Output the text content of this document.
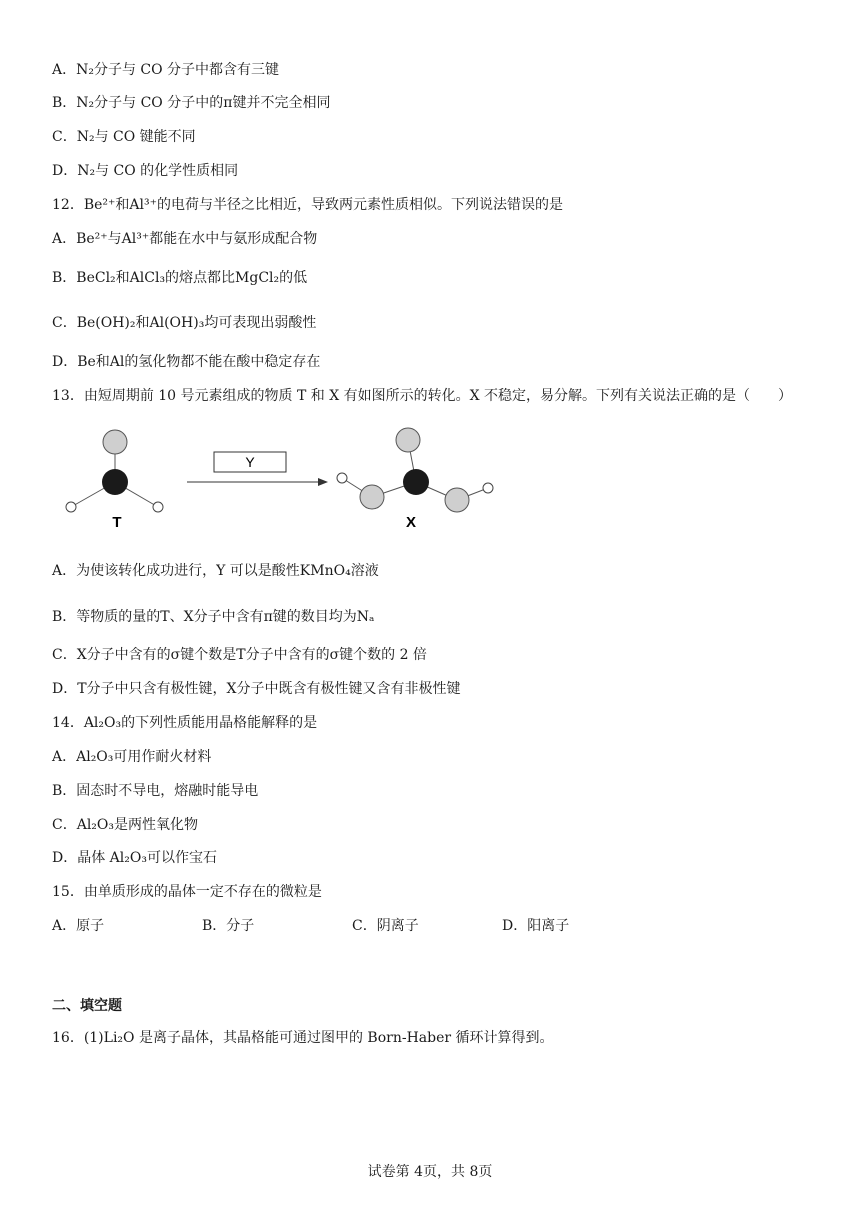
A．N₂分子与 CO 分子中都含有三键
B．N₂分子与 CO 分子中的π键并不完全相同
C．N₂与 CO 键能不同
D．N₂与 CO 的化学性质相同
12．Be²⁺和Al³⁺的电荷与半径之比相近，导致两元素性质相似。下列说法错误的是
A．Be²⁺与Al³⁺都能在水中与氨形成配合物
B．BeCl₂和AlCl₃的熔点都比MgCl₂的低
C．Be(OH)₂和Al(OH)₃均可表现出弱酸性
D．Be和Al的氢化物都不能在酸中稳定存在
13．由短周期前 10 号元素组成的物质 T 和 X 有如图所示的转化。X 不稳定，易分解。下列有关说法正确的是（　　）
T
Y
X
A．为使该转化成功进行，Y 可以是酸性KMnO₄溶液
B．等物质的量的T、X分子中含有π键的数目均为Nₐ
C．X分子中含有的σ键个数是T分子中含有的σ键个数的 2 倍
D．T分子中只含有极性键，X分子中既含有极性键又含有非极性键
14．Al₂O₃的下列性质能用晶格能解释的是
A．Al₂O₃可用作耐火材料
B．固态时不导电，熔融时能导电
C．Al₂O₃是两性氧化物
D．晶体 Al₂O₃可以作宝石
15．由单质形成的晶体一定不存在的微粒是
A．原子	B．分子	C．阴离子	D．阳离子
二、填空题
16．(1)Li₂O 是离子晶体，其晶格能可通过图甲的 Born-Haber 循环计算得到。
试卷第 4页，共 8页
